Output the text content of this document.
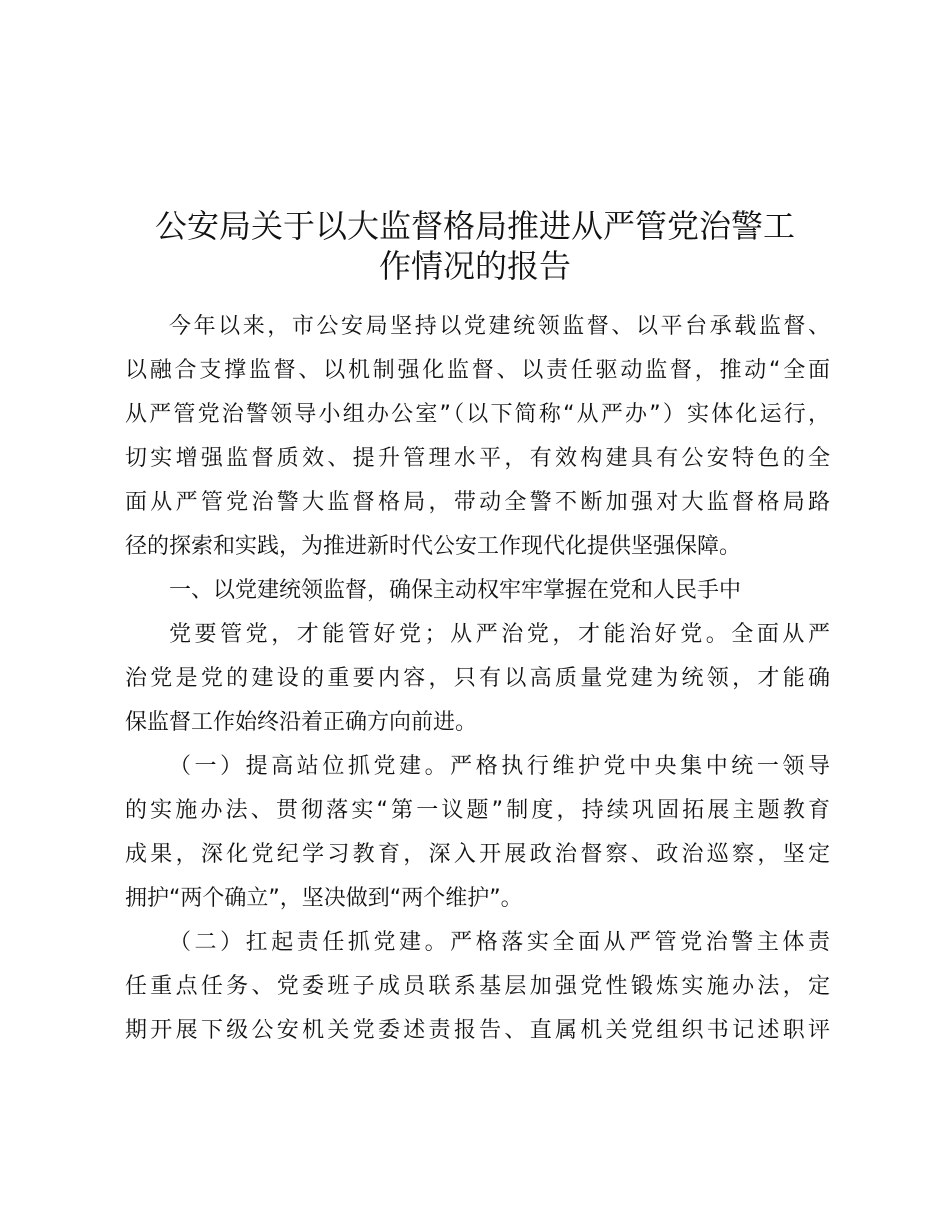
公安局关于以大监督格局推进从严管党治警工
作情况的报告
今年以来，市公安局坚持以党建统领监督、以平台承载监督、
以融合支撑监督、以机制强化监督、以责任驱动监督，推动“全面
从严管党治警领导小组办公室”（以下简称“从严办”）实体化运行，
切实增强监督质效、提升管理水平，有效构建具有公安特色的全
面从严管党治警大监督格局，带动全警不断加强对大监督格局路
径的探索和实践，为推进新时代公安工作现代化提供坚强保障。
一、以党建统领监督，确保主动权牢牢掌握在党和人民手中
党要管党，才能管好党；从严治党，才能治好党。全面从严
治党是党的建设的重要内容，只有以高质量党建为统领，才能确
保监督工作始终沿着正确方向前进。
（一）提高站位抓党建。严格执行维护党中央集中统一领导
的实施办法、贯彻落实“第一议题”制度，持续巩固拓展主题教育
成果，深化党纪学习教育，深入开展政治督察、政治巡察，坚定
拥护“两个确立”，坚决做到“两个维护”。
（二）扛起责任抓党建。严格落实全面从严管党治警主体责
任重点任务、党委班子成员联系基层加强党性锻炼实施办法，定
期开展下级公安机关党委述责报告、直属机关党组织书记述职评
